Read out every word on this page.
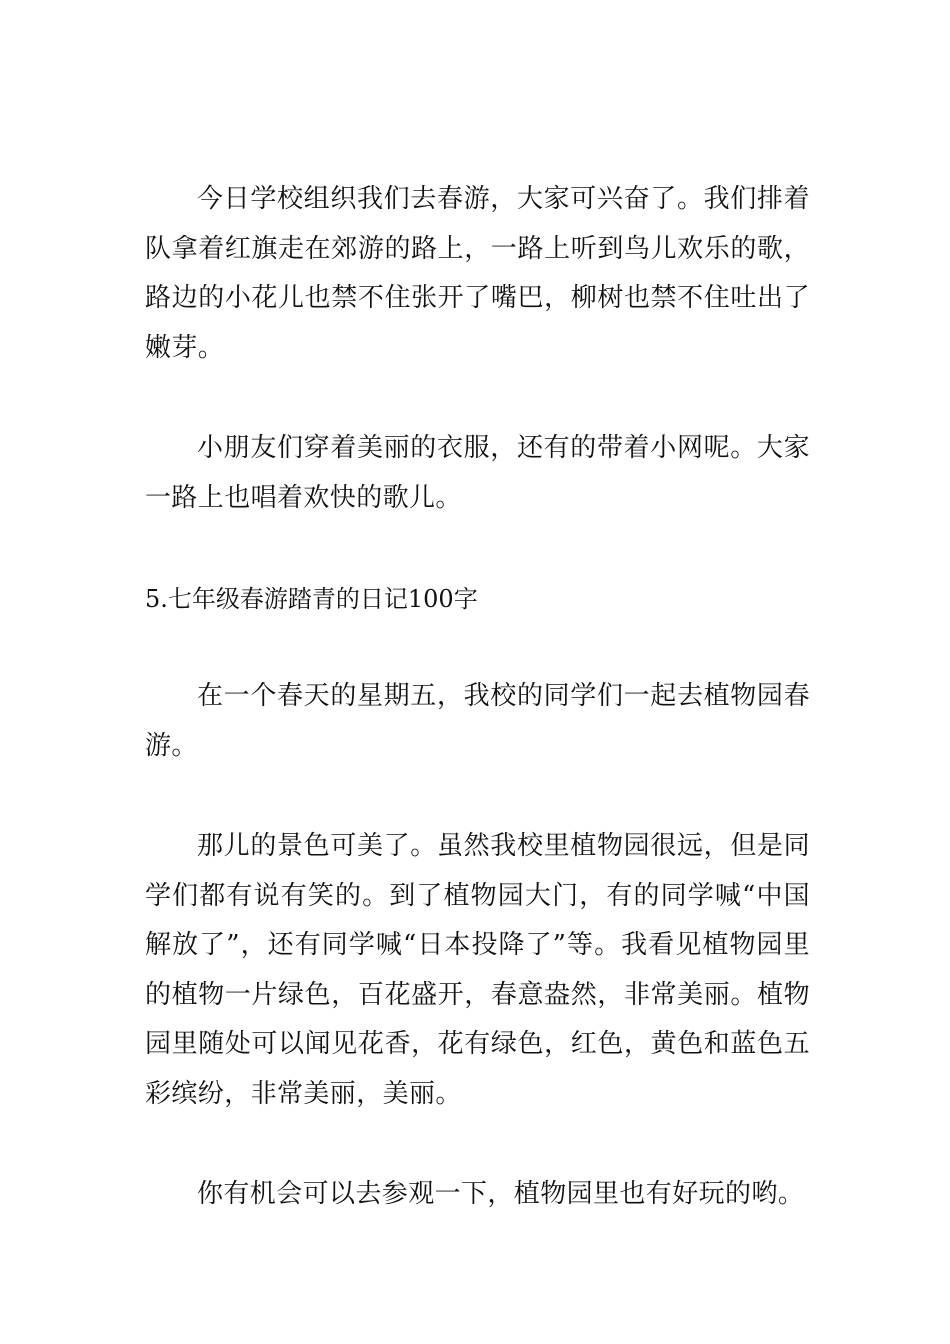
今日学校组织我们去春游，大家可兴奋了。我们排着队拿着红旗走在郊游的路上，一路上听到鸟儿欢乐的歌，路边的小花儿也禁不住张开了嘴巴，柳树也禁不住吐出了嫩芽。

小朋友们穿着美丽的衣服，还有的带着小网呢。大家一路上也唱着欢快的歌儿。

5.七年级春游踏青的日记100字

在一个春天的星期五，我校的同学们一起去植物园春游。

那儿的景色可美了。虽然我校里植物园很远，但是同学们都有说有笑的。到了植物园大门，有的同学喊“中国解放了”，还有同学喊“日本投降了”等。我看见植物园里的植物一片绿色，百花盛开，春意盎然，非常美丽。植物园里随处可以闻见花香，花有绿色，红色，黄色和蓝色五彩缤纷，非常美丽，美丽。

你有机会可以去参观一下，植物园里也有好玩的哟。
